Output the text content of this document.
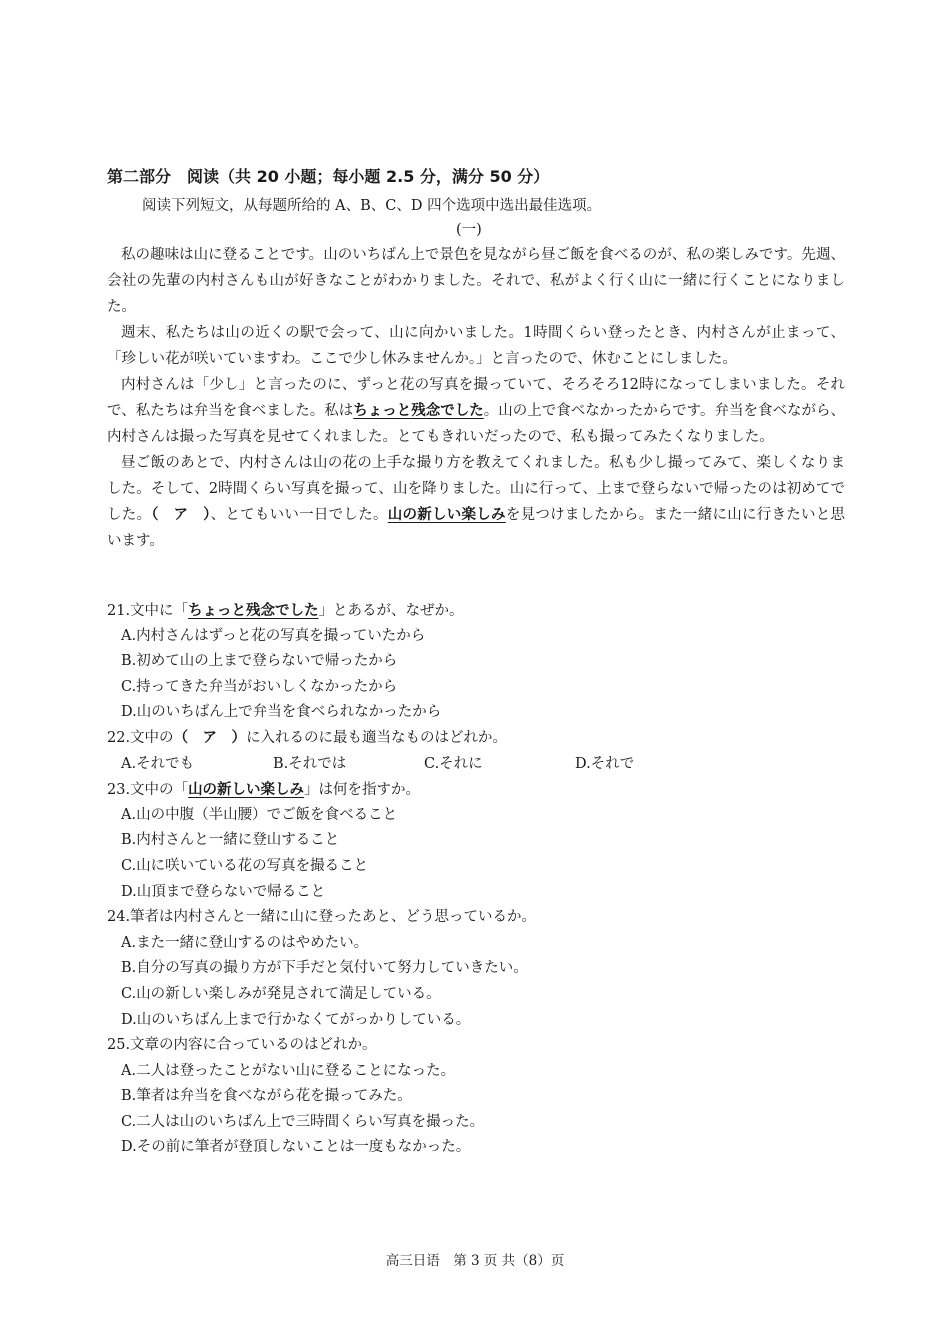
第二部分　阅读（共 20 小题；每小题 2.5 分，满分 50 分）
阅读下列短文，从每题所给的 A、B、C、D 四个选项中选出最佳选项。
(一)

私の趣味は山に登ることです。山のいちばん上で景色を見ながら昼ご飯を食べるのが、私の楽しみです。先週、会社の先輩の内村さんも山が好きなことがわかりました。それで、私がよく行く山に一緒に行くことになりました。

週末、私たちは山の近くの駅で会って、山に向かいました。1時間くらい登ったとき、内村さんが止まって、「珍しい花が咲いていますわ。ここで少し休みませんか。」と言ったので、休むことにしました。

内村さんは「少し」と言ったのに、ずっと花の写真を撮っていて、そろそろ12時になってしまいました。それで、私たちは弁当を食べました。私はちょっと残念でした。山の上で食べなかったからです。弁当を食べながら、内村さんは撮った写真を見せてくれました。とてもきれいだったので、私も撮ってみたくなりました。

昼ご飯のあとで、内村さんは山の花の上手な撮り方を教えてくれました。私も少し撮ってみて、楽しくなりました。そして、2時間くらい写真を撮って、山を降りました。山に行って、上まで登らないで帰ったのは初めてでした。（　ア　）、とてもいい一日でした。山の新しい楽しみを見つけましたから。また一緒に山に行きたいと思います。

21.文中に「ちょっと残念でした」とあるが、なぜか。
A.内村さんはずっと花の写真を撮っていたから
B.初めて山の上まで登らないで帰ったから
C.持ってきた弁当がおいしくなかったから
D.山のいちばん上で弁当を食べられなかったから
22.文中の（　ア　）に入れるのに最も適当なものはどれか。
A.それでも	B.それでは	C.それに	D.それで
23.文中の「山の新しい楽しみ」は何を指すか。
A.山の中腹（半山腰）でご飯を食べること
B.内村さんと一緒に登山すること
C.山に咲いている花の写真を撮ること
D.山頂まで登らないで帰ること
24.筆者は内村さんと一緒に山に登ったあと、どう思っているか。
A.また一緒に登山するのはやめたい。
B.自分の写真の撮り方が下手だと気付いて努力していきたい。
C.山の新しい楽しみが発見されて満足している。
D.山のいちばん上まで行かなくてがっかりしている。
25.文章の内容に合っているのはどれか。
A.二人は登ったことがない山に登ることになった。
B.筆者は弁当を食べながら花を撮ってみた。
C.二人は山のいちばん上で三時間くらい写真を撮った。
D.その前に筆者が登頂しないことは一度もなかった。
高三日语　第 3 页 共（8）页
